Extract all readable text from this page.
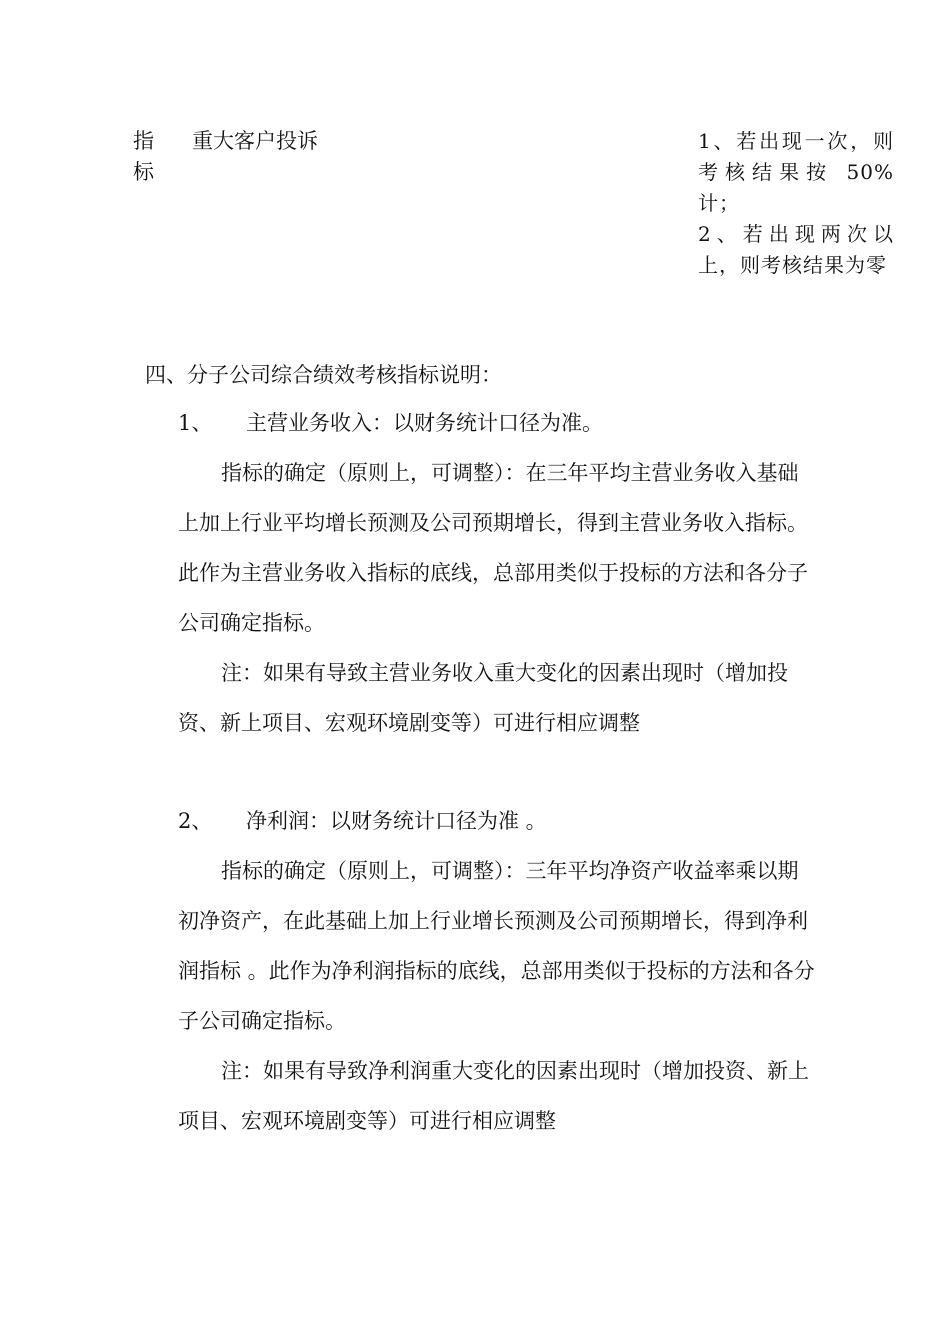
指标
重大客户投诉	1、若出现一次，则考核结果按 50%计；
2、若出现两次以上，则考核结果为零
四、分子公司综合绩效考核指标说明：
1、 主营业务收入：以财务统计口径为准。

指标的确定（原则上，可调整）：在三年平均主营业务收入基础上加上行业平均增长预测及公司预期增长，得到主营业务收入指标。此作为主营业务收入指标的底线，总部用类似于投标的方法和各分子公司确定指标。

注：如果有导致主营业务收入重大变化的因素出现时（增加投资、新上项目、宏观环境剧变等）可进行相应调整

2、 净利润：以财务统计口径为准 。

指标的确定（原则上，可调整）：三年平均净资产收益率乘以期初净资产，在此基础上加上行业增长预测及公司预期增长，得到净利润指标 。此作为净利润指标的底线，总部用类似于投标的方法和各分子公司确定指标。

注：如果有导致净利润重大变化的因素出现时（增加投资、新上项目、宏观环境剧变等）可进行相应调整
